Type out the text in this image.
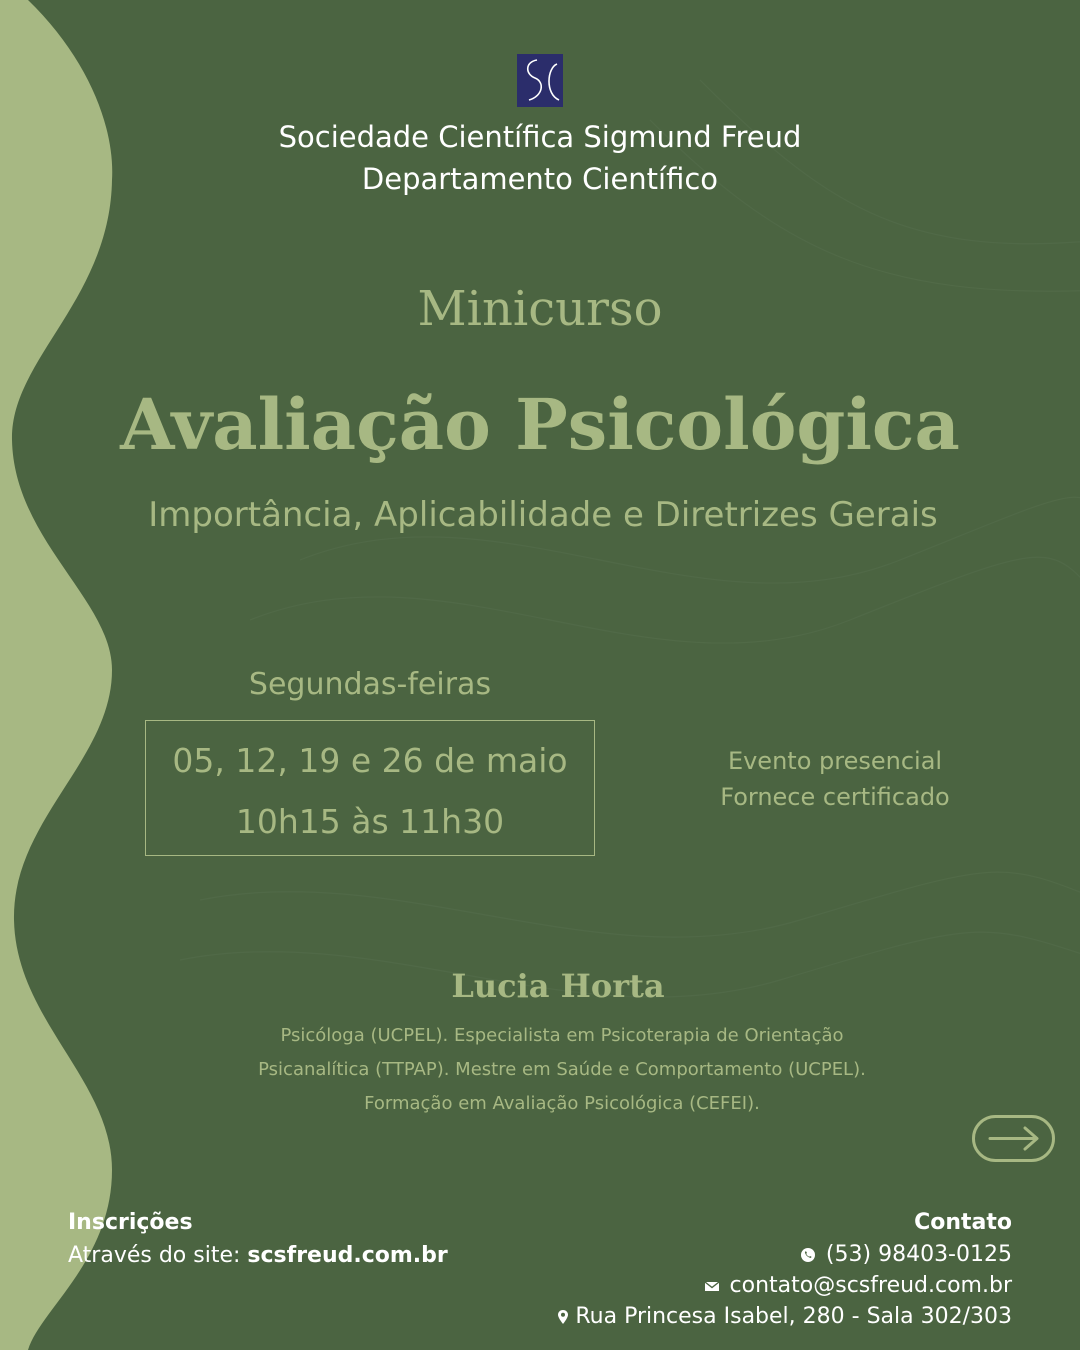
Sociedade Científica Sigmund Freud
Departamento Científico
Minicurso
Avaliação Psicológica
Importância, Aplicabilidade e Diretrizes Gerais
Segundas-feiras
05, 12, 19 e 26 de maio
10h15 às 11h30
Evento presencial
Fornece certificado
Lucia Horta
Psicóloga (UCPEL). Especialista em Psicoterapia de Orientação
Psicanalítica (TTPAP). Mestre em Saúde e Comportamento (UCPEL).
Formação em Avaliação Psicológica (CEFEI).
Inscrições
Através do site: scsfreud.com.br
Contato
(53) 98403-0125
contato@scsfreud.com.br
Rua Princesa Isabel, 280 - Sala 302/303
